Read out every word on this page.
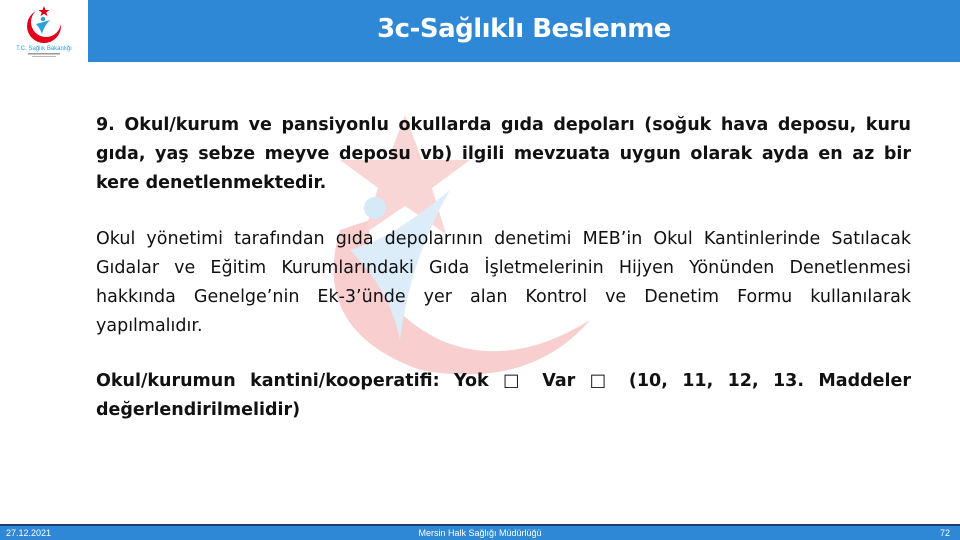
T.C. Sağlık Bakanlığı
3c-Sağlıklı Beslenme
9. Okul/kurum ve pansiyonlu okullarda gıda depoları (soğuk hava deposu, kuru gıda, yaş sebze meyve deposu vb) ilgili mevzuata uygun olarak ayda en az bir kere denetlenmektedir.
Okul yönetimi tarafından gıda depolarının denetimi MEB’in Okul Kantinlerinde Satılacak Gıdalar ve Eğitim Kurumlarındaki Gıda İşletmelerinin Hijyen Yönünden Denetlenmesi hakkında Genelge’nin Ek-3’ünde yer alan Kontrol ve Denetim Formu kullanılarak yapılmalıdır.
Okul/kurumun kantini/kooperatifi: Yok □ Var □ (10, 11, 12, 13. Maddeler değerlendirilmelidir)
27.12.2021	Mersin Halk Sağlığı Müdürlüğü	72
